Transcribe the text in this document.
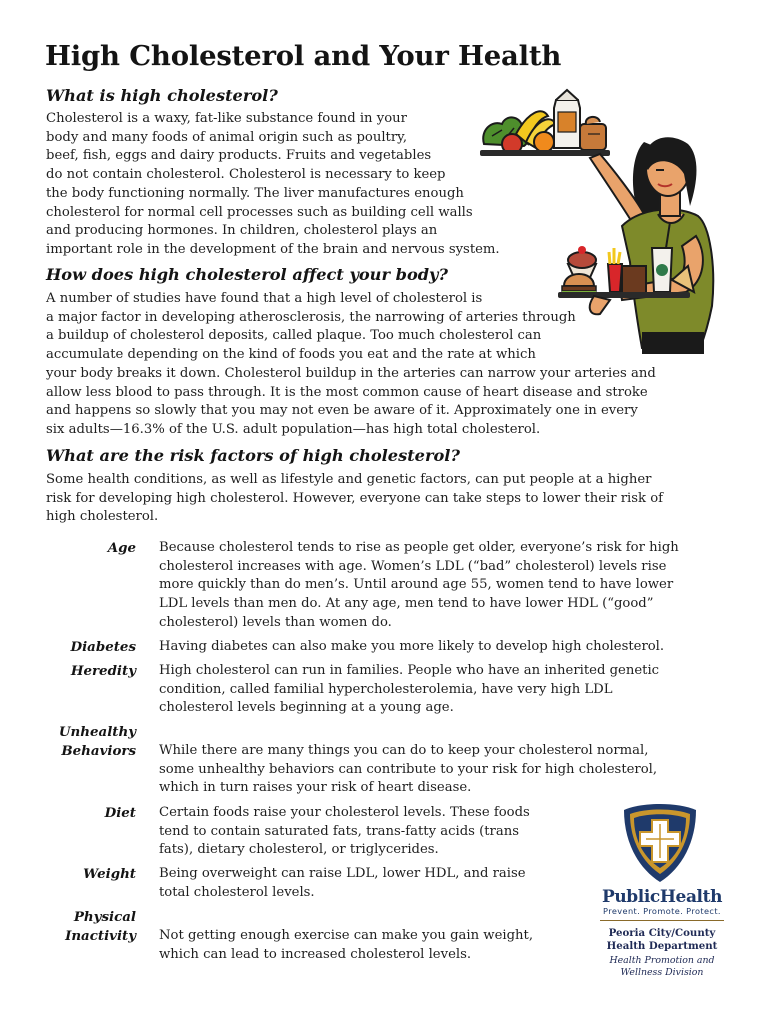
High Cholesterol and Your Health
What is high cholesterol?
Cholesterol is a waxy, fat-like substance found in your
body and many foods of animal origin such as poultry,
beef, fish, eggs and dairy products. Fruits and vegetables
do not contain cholesterol. Cholesterol is necessary to keep
the body functioning normally. The liver manufactures enough
cholesterol for normal cell processes such as building cell walls
and producing hormones. In children, cholesterol plays an
important role in the development of the brain and nervous system.
How does high cholesterol affect your body?
A number of studies have found that a high level of cholesterol is
a major factor in developing atherosclerosis, the narrowing of arteries through
a buildup of cholesterol deposits, called plaque. Too much cholesterol can
accumulate depending on the kind of foods you eat and the rate at which
your body breaks it down. Cholesterol buildup in the arteries can narrow your arteries and
allow less blood to pass through. It is the most common cause of heart disease and stroke
and happens so slowly that you may not even be aware of it. Approximately one in every
six adults—16.3% of the U.S. adult population—has high total cholesterol.
What are the risk factors of high cholesterol?
Some health conditions, as well as lifestyle and genetic factors, can put people at a higher
risk for developing high cholesterol. However, everyone can take steps to lower their risk of
high cholesterol.
Age Because cholesterol tends to rise as people get older, everyone’s risk for high
cholesterol increases with age. Women’s LDL (“bad” cholesterol) levels rise
more quickly than do men’s. Until around age 55, women tend to have lower
LDL levels than men do. At any age, men tend to have lower HDL (“good”
cholesterol) levels than women do.
Diabetes Having diabetes can also make you more likely to develop high cholesterol.
Heredity High cholesterol can run in families. People who have an inherited genetic
condition, called familial hypercholesterolemia, have very high LDL
cholesterol levels beginning at a young age.
Unhealthy
Behaviors While there are many things you can do to keep your cholesterol normal,
some unhealthy behaviors can contribute to your risk for high cholesterol,
which in turn raises your risk of heart disease.
Diet Certain foods raise your cholesterol levels. These foods
tend to contain saturated fats, trans-fatty acids (trans
fats), dietary cholesterol, or triglycerides.
Weight Being overweight can raise LDL, lower HDL, and raise
total cholesterol levels.
Physical
Inactivity Not getting enough exercise can make you gain weight,
which can lead to increased cholesterol levels.
PublicHealth
Prevent. Promote. Protect.
Peoria City/County
Health Department
Health Promotion and
Wellness Division
